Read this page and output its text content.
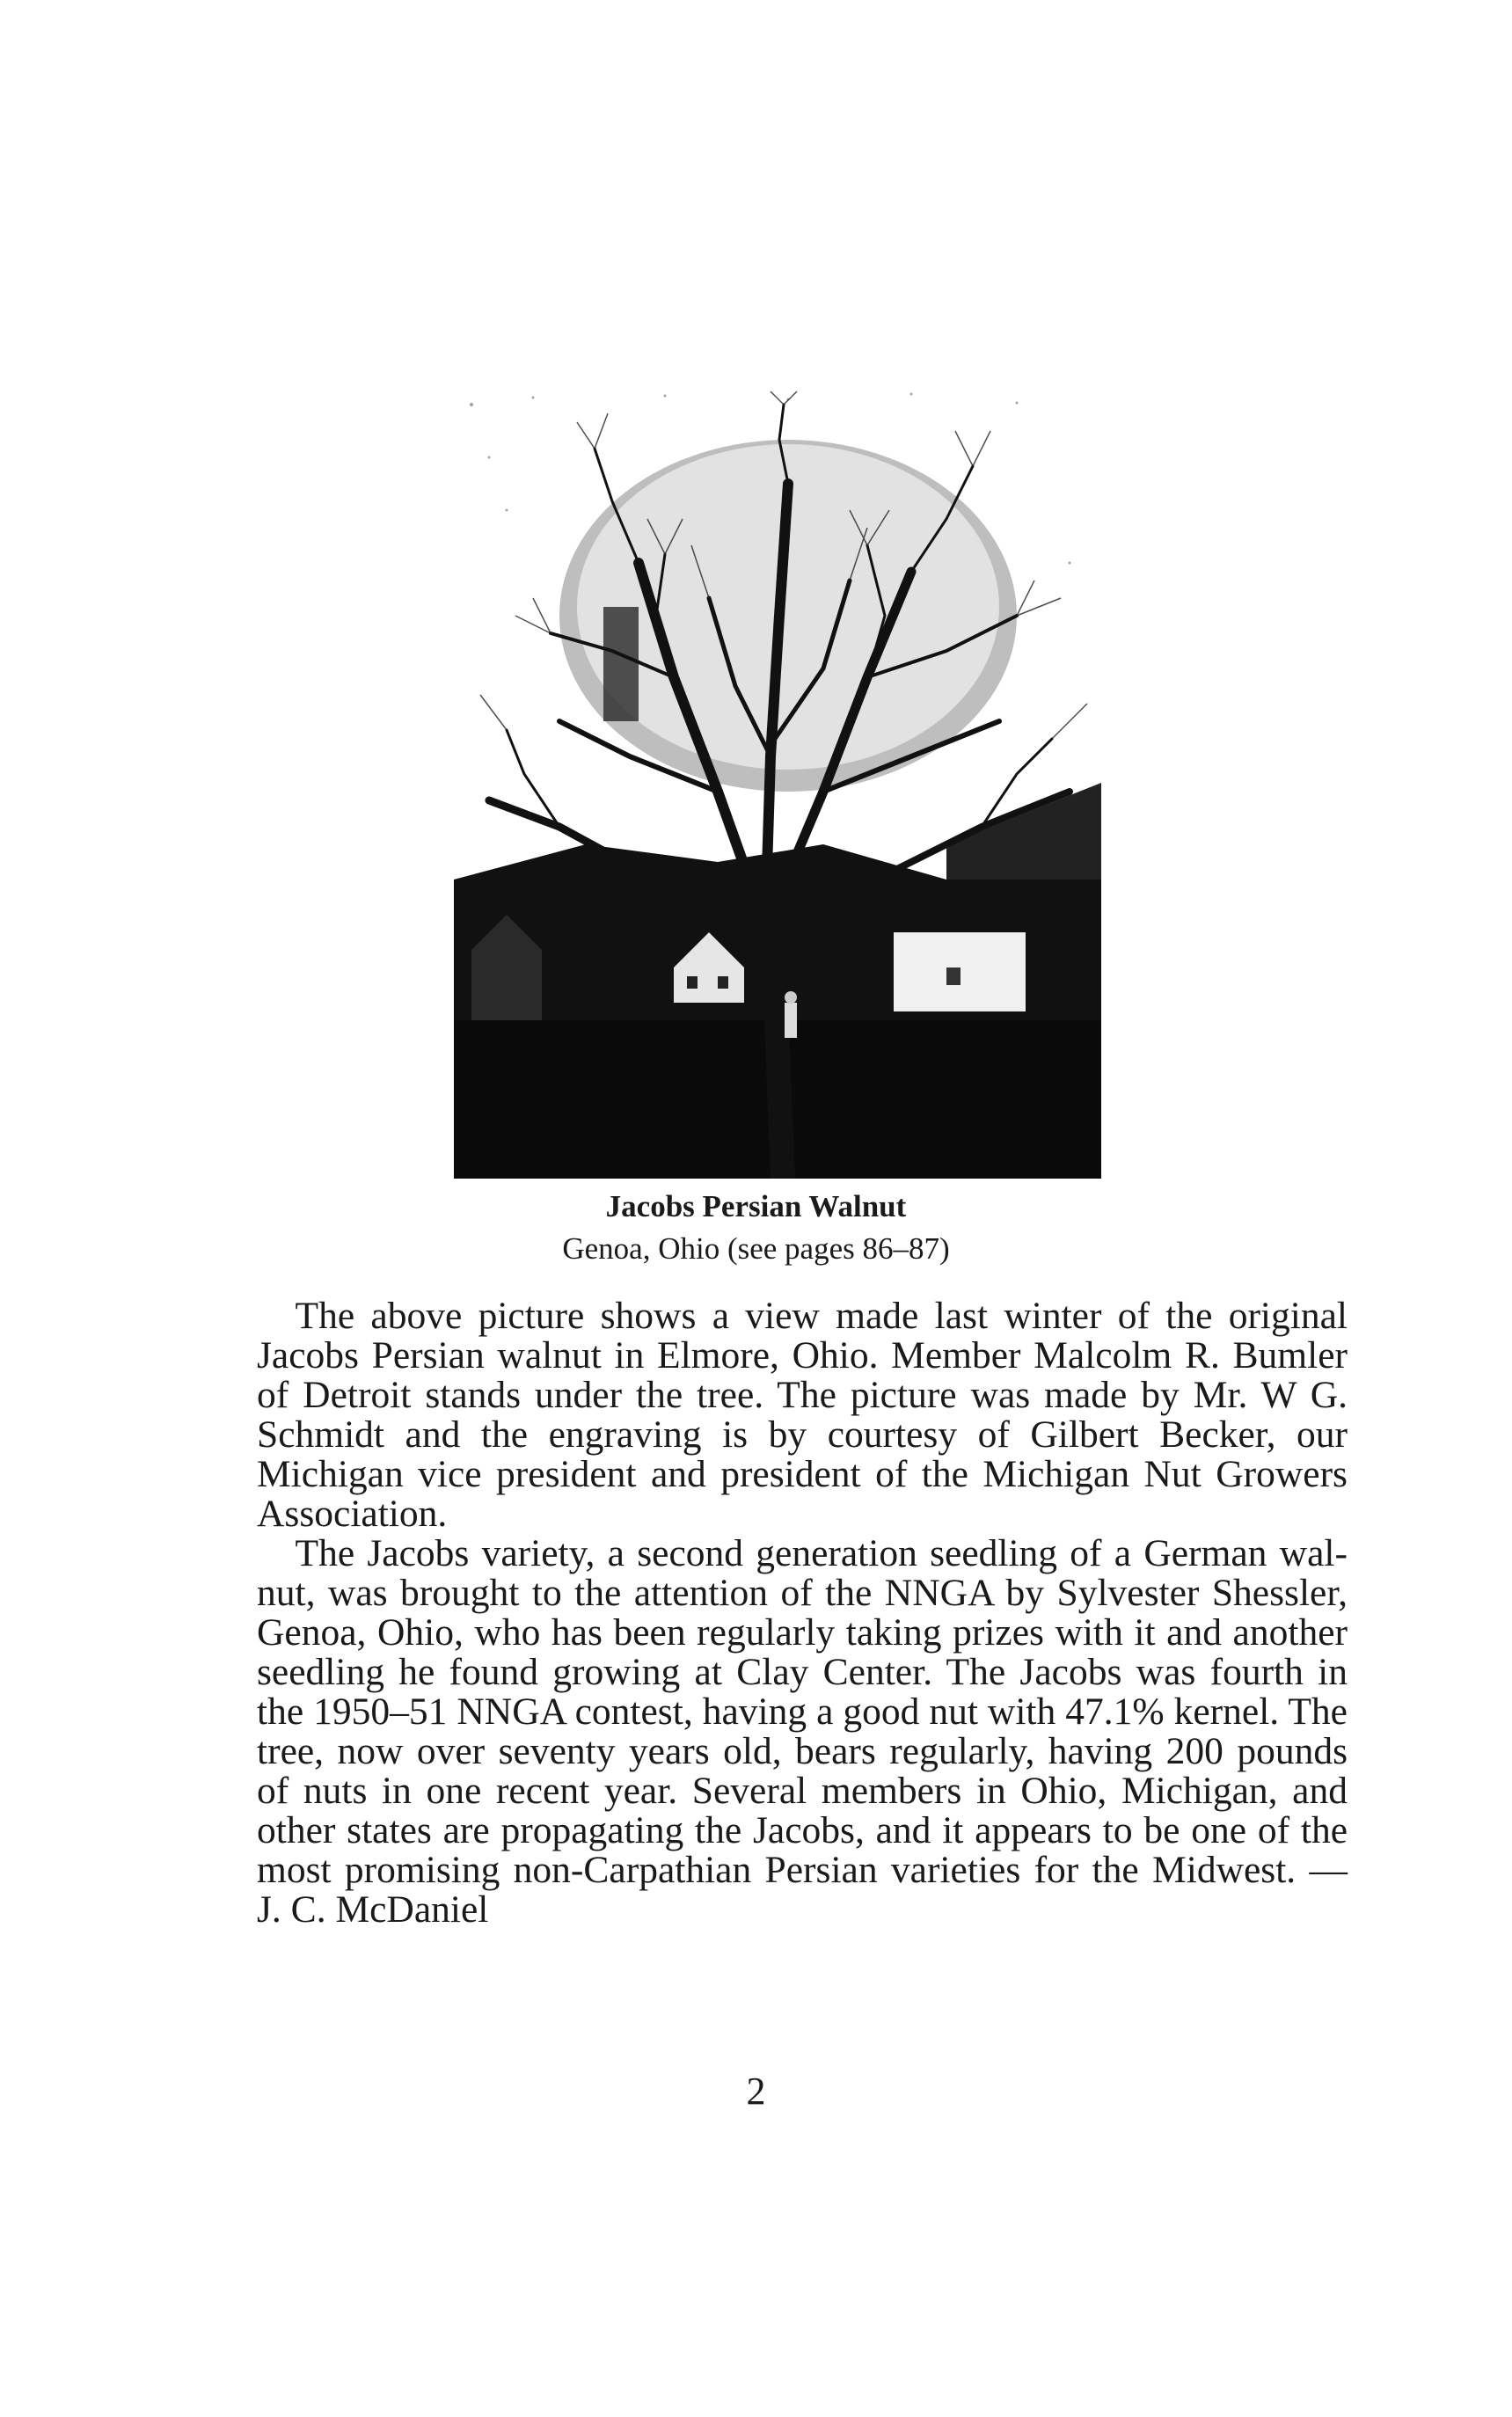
Jacobs Persian Walnut
Genoa, Ohio (see pages 86–87)

The above picture shows a view made last winter of the original Jacobs Persian walnut in Elmore, Ohio. Member Malcolm R. Bumler of Detroit stands under the tree. The picture was made by Mr. W G. Schmidt and the engraving is by courtesy of Gilbert Becker, our Michigan vice president and president of the Michigan Nut Growers Association.

The Jacobs variety, a second generation seedling of a German walnut, was brought to the attention of the NNGA by Sylvester Shessler, Genoa, Ohio, who has been regularly taking prizes with it and another seedling he found growing at Clay Center. The Jacobs was fourth in the 1950–51 NNGA contest, having a good nut with 47.1% kernel. The tree, now over seventy years old, bears regularly, having 200 pounds of nuts in one recent year. Several members in Ohio, Michigan, and other states are propagating the Jacobs, and it appears to be one of the most promising non-Carpathian Persian varieties for the Midwest. — J. C. McDaniel

2
